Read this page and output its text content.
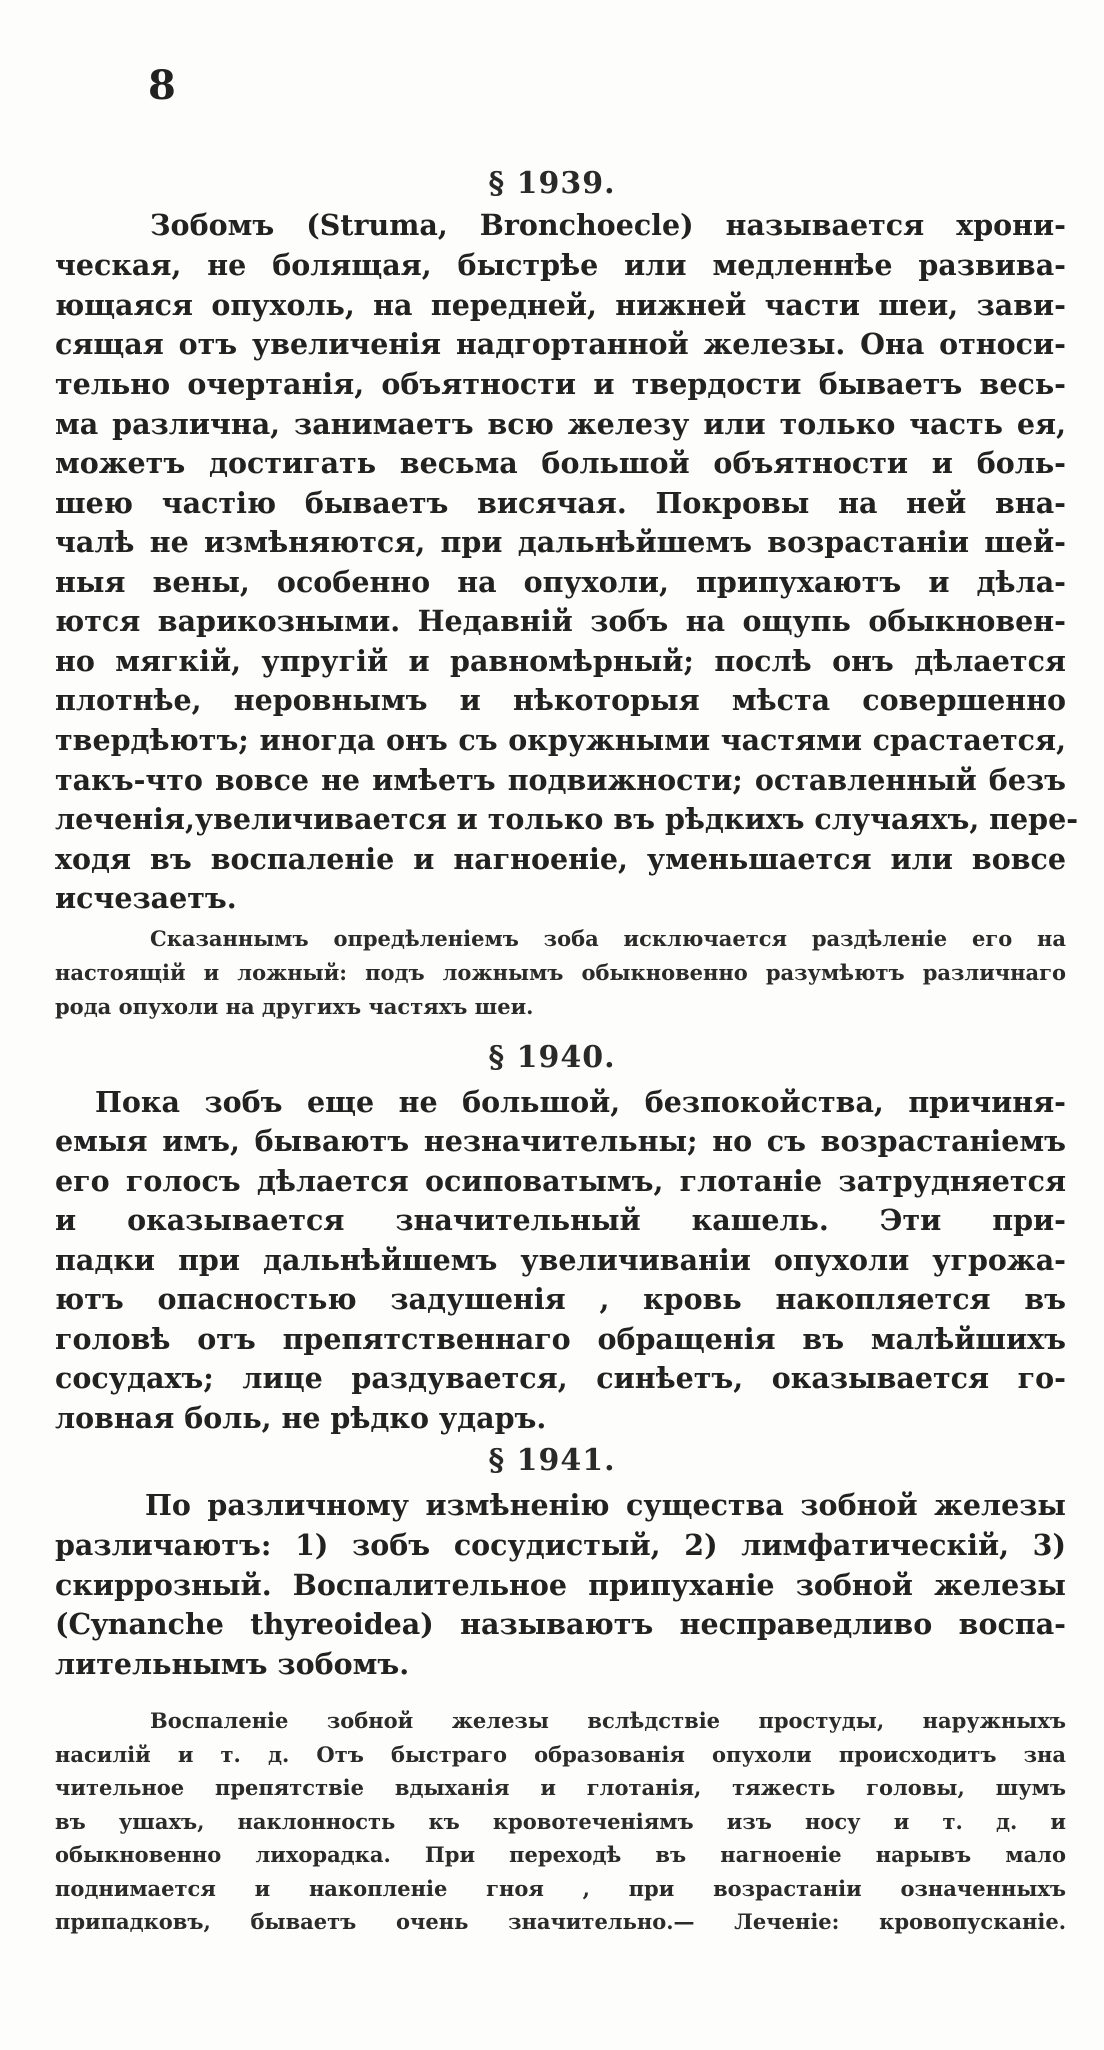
8
§ 1939.
Зобомъ (Struma, Bronchoecle) называется хрони-
ческая, не болящая, быстрѣе или медленнѣе развива-
ющаяся опухоль, на передней, нижней части шеи, зави-
сящая отъ увеличенія надгортанной железы. Она относи-
тельно очертанія, объятности и твердости бываетъ весь-
ма различна, занимаетъ всю железу или только часть ея,
можетъ достигать весьма большой объятности и боль-
шею частію бываетъ висячая. Покровы на ней вна-
чалѣ не измѣняются, при дальнѣйшемъ возрастаніи шей-
ныя вены, особенно на опухоли, припухаютъ и дѣла-
ются варикозными. Недавній зобъ на ощупь обыкновен-
но мягкій, упругій и равномѣрный; послѣ онъ дѣлается
плотнѣе, неровнымъ и нѣкоторыя мѣста совершенно
твердѣютъ; иногда онъ съ окружными частями срастается,
такъ-что вовсе не имѣетъ подвижности; оставленный безъ
леченія,увеличивается и только въ рѣдкихъ случаяхъ, пере-
ходя въ воспаленіе и нагноеніе, уменьшается или вовсе
исчезаетъ.
Сказаннымъ опредѣленіемъ зоба исключается раздѣленіе его на
настоящій и ложный: подъ ложнымъ обыкновенно разумѣютъ различнаго
рода опухоли на другихъ частяхъ шеи.
§ 1940.
Пока зобъ еще не большой, безпокойства, причиня-
емыя имъ, бываютъ незначительны; но съ возрастаніемъ
его голосъ дѣлается осиповатымъ, глотаніе затрудняется
и оказывается значительный кашель. Эти при-
падки при дальнѣйшемъ увеличиваніи опухоли угрожа-
ютъ опасностью задушенія , кровь накопляется въ
головѣ отъ препятственнаго обращенія въ малѣйшихъ
сосудахъ; лице раздувается, синѣетъ, оказывается го-
ловная боль, не рѣдко ударъ.
§ 1941.
По различному измѣненію существа зобной железы
различаютъ: 1) зобъ сосудистый, 2) лимфатическій, 3)
скиррозный. Воспалительное припуханіе зобной железы
(Cynanche thyreoidea) называютъ несправедливо воспа-
лительнымъ зобомъ.
Воспаленіе зобной железы вслѣдствіе простуды, наружныхъ
насилій и т. д. Отъ быстраго образованія опухоли происходитъ зна
чительное препятствіе вдыханія и глотанія, тяжесть головы, шумъ
въ ушахъ, наклонность къ кровотеченіямъ изъ носу и т. д. и
обыкновенно лихорадка. При переходѣ въ нагноеніе нарывъ мало
поднимается и накопленіе гноя , при возрастаніи означенныхъ
припадковъ, бываетъ очень значительно.— Леченіе: кровопусканіе.
